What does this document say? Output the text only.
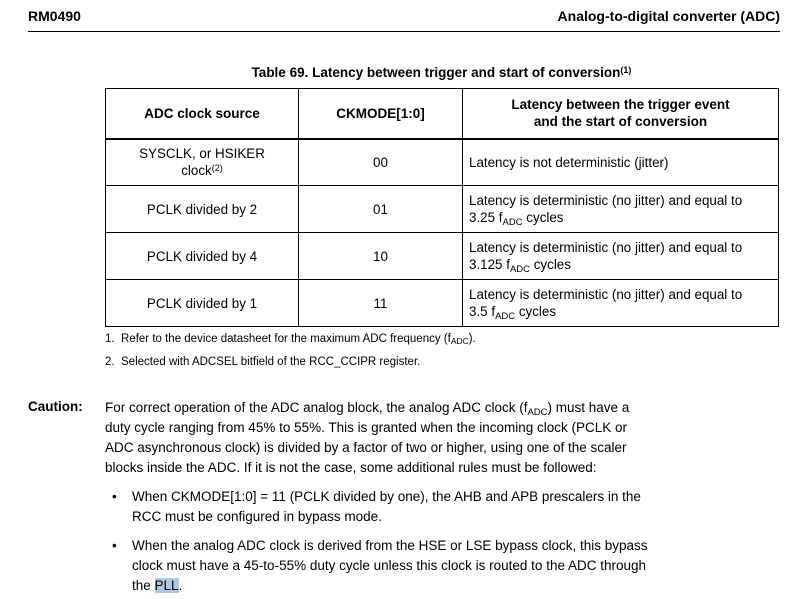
RM0490	Analog-to-digital converter (ADC)
Table 69. Latency between trigger and start of conversion$^{(1)}$
ADC clock source	CKMODE[1:0]	Latency between the trigger event
and the start of conversion

SYSCLK, or HSIKER
clock$^{(2)}$	00	Latency is not deterministic (jitter)

PCLK divided by 2	01	Latency is deterministic (no jitter) and equal to
3.25 $f_{ADC}$ cycles

PCLK divided by 4	10	Latency is deterministic (no jitter) and equal to
3.125 $f_{ADC}$ cycles

PCLK divided by 1	11	Latency is deterministic (no jitter) and equal to
3.5 $f_{ADC}$ cycles
1. Refer to the device datasheet for the maximum ADC frequency $(f_{ADC})$.
2. Selected with ADCSEL bitfield of the RCC_CCIPR register.
Caution: For correct operation of the ADC analog block, the analog ADC clock $(f_{ADC})$ must have a
duty cycle ranging from 45% to 55%. This is granted when the incoming clock (PCLK or
ADC asynchronous clock) is divided by a factor of two or higher, using one of the scaler
blocks inside the ADC. If it is not the case, some additional rules must be followed:
•	When CKMODE[1:0] = 11 (PCLK divided by one), the AHB and APB prescalers in the
RCC must be configured in bypass mode.
•	When the analog ADC clock is derived from the HSE or LSE bypass clock, this bypass
clock must have a 45-to-55% duty cycle unless this clock is routed to the ADC through
the PLL.
